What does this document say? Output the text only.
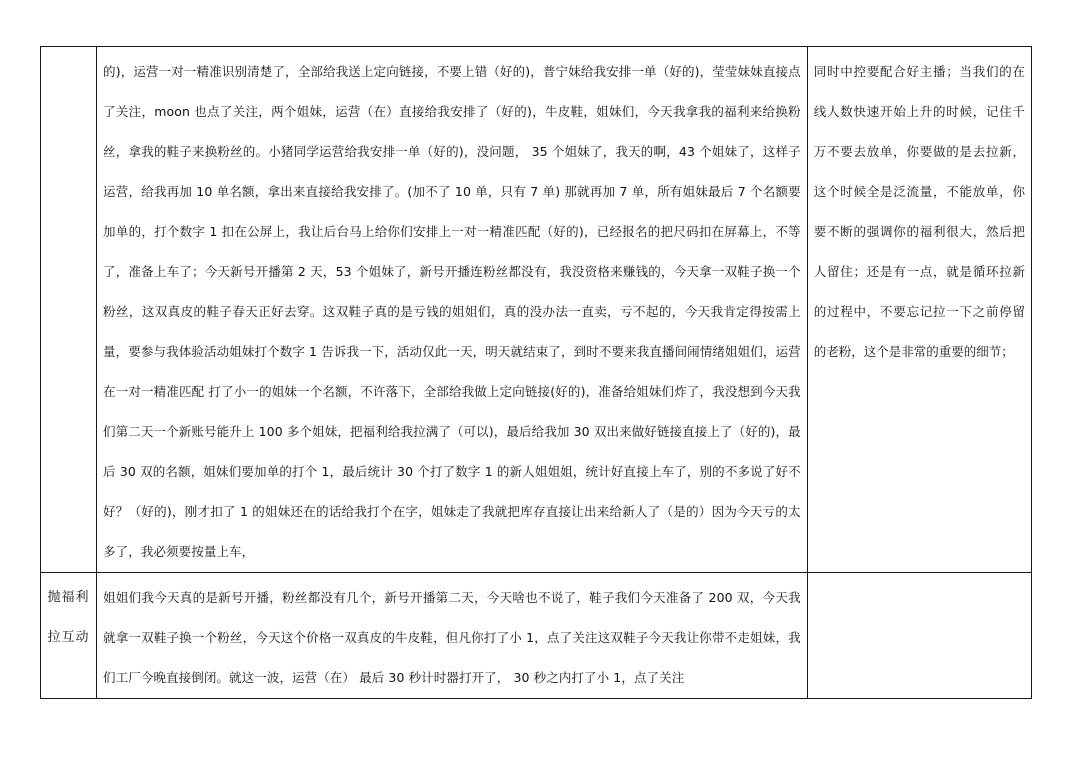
	的)，运营一对一精准识别清楚了，全部给我送上定向链接，不要上错（好的)，普宁妹给我安排一单（好的)，莹莹妹妹直接点了关注，moon 也点了关注，两个姐妹，运营（在）直接给我安排了（好的)，牛皮鞋，姐妹们，今天我拿我的福利来给换粉丝，拿我的鞋子来换粉丝的。小猪同学运营给我安排一单（好的)，没问题， 35 个姐妹了，我天的啊，43 个姐妹了，这样子运营，给我再加 10 单名额，拿出来直接给我安排了。(加不了 10 单，只有 7 单) 那就再加 7 单，所有姐妹最后 7 个名额要加单的，打个数字 1 扣在公屏上，我让后台马上给你们安排上一对一精准匹配（好的)，已经报名的把尺码扣在屏幕上，不等了，准备上车了；今天新号开播第 2 天，53 个姐妹了，新号开播连粉丝都没有，我没资格来赚钱的，今天拿一双鞋子换一个粉丝，这双真皮的鞋子春天正好去穿。这双鞋子真的是亏钱的姐姐们，真的没办法一直卖，亏不起的，今天我肯定得按需上量，要参与我体验活动姐妹打个数字 1 告诉我一下，活动仅此一天，明天就结束了，到时不要来我直播间闹情绪姐姐们，运营在一对一精准匹配 打了小一的姐妹一个名额，不许落下，全部给我做上定向链接(好的)，准备给姐妹们炸了，我没想到今天我们第二天一个新账号能升上 100 多个姐妹，把福利给我拉满了（可以)，最后给我加 30 双出来做好链接直接上了（好的)，最后 30 双的名额，姐妹们要加单的打个 1，最后统计 30 个打了数字 1 的新人姐姐姐，统计好直接上车了，别的不多说了好不好？（好的)，刚才扣了 1 的姐妹还在的话给我打个在字，姐妹走了我就把库存直接让出来给新人了（是的）因为今天亏的太多了，我必须要按量上车，	同时中控要配合好主播；当我们的在线人数快速开始上升的时候，记住千万不要去放单，你要做的是去拉新，这个时候全是泛流量，不能放单，你要不断的强调你的福利很大，然后把人留住；还是有一点，就是循环拉新的过程中，不要忘记拉一下之前停留的老粉，这个是非常的重要的细节；

抛福利拉互动	姐姐们我今天真的是新号开播，粉丝都没有几个，新号开播第二天，今天啥也不说了，鞋子我们今天准备了 200 双，今天我就拿一双鞋子换一个粉丝，今天这个价格一双真皮的牛皮鞋，但凡你打了小 1，点了关注这双鞋子今天我让你带不走姐妹，我们工厂今晚直接倒闭。就这一波，运营（在） 最后 30 秒计时器打开了， 30 秒之内打了小 1，点了关注	
